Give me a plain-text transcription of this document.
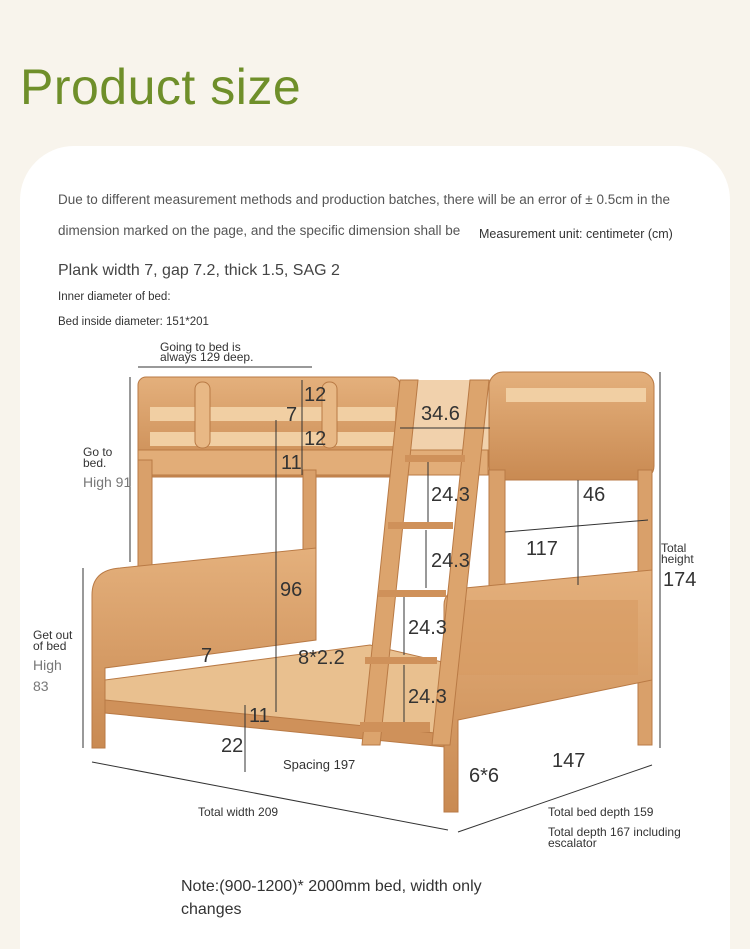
Product size
Due to different measurement methods and production batches, there will be an error of ± 0.5cm in the
dimension marked on the page, and the specific dimension shall be Measurement unit: centimeter (cm)
Plank width 7, gap 7.2, thick 1.5, SAG 2
Inner diameter of bed:
Bed inside diameter: 151*201
12
7
12
11
34.6
24.3	46
117
24.3
174
96
24.3
7	8*2.2
24.3
11
22
147
6*6
Going to bed is
always 129 deep.
Go to
bed.
High 91
Get out
of bed
High
83
Total
height
Spacing 197
Total width 209	Total bed depth 159
Total depth 167 including
escalator
Note:(900-1200)* 2000mm bed, width only changes
